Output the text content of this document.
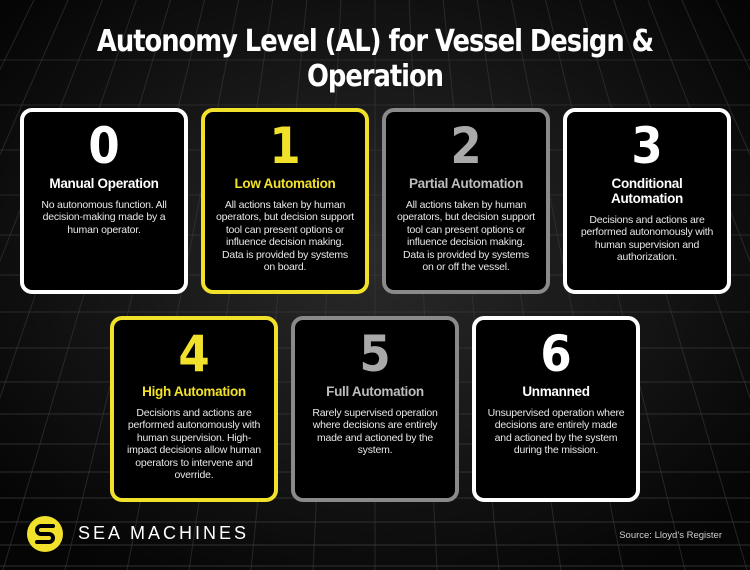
Autonomy Level (AL) for Vessel Design & Operation
0
Manual Operation
No autonomous function. All decision-making made by a human operator.
1
Low Automation
All actions taken by human operators, but decision support tool can present options or influence decision making. Data is provided by systems on board.
2
Partial Automation
All actions taken by human operators, but decision support tool can present options or influence decision making. Data is provided by systems on or off the vessel.
3
Conditional Automation
Decisions and actions are performed autonomously with human supervision and authorization.
4
High Automation
Decisions and actions are performed autonomously with human supervision. High-impact decisions allow human operators to intervene and override.
5
Full Automation
Rarely supervised operation where decisions are entirely made and actioned by the system.
6
Unmanned
Unsupervised operation where decisions are entirely made and actioned by the system during the mission.
SEA MACHINES	Source: Lloyd’s Register
